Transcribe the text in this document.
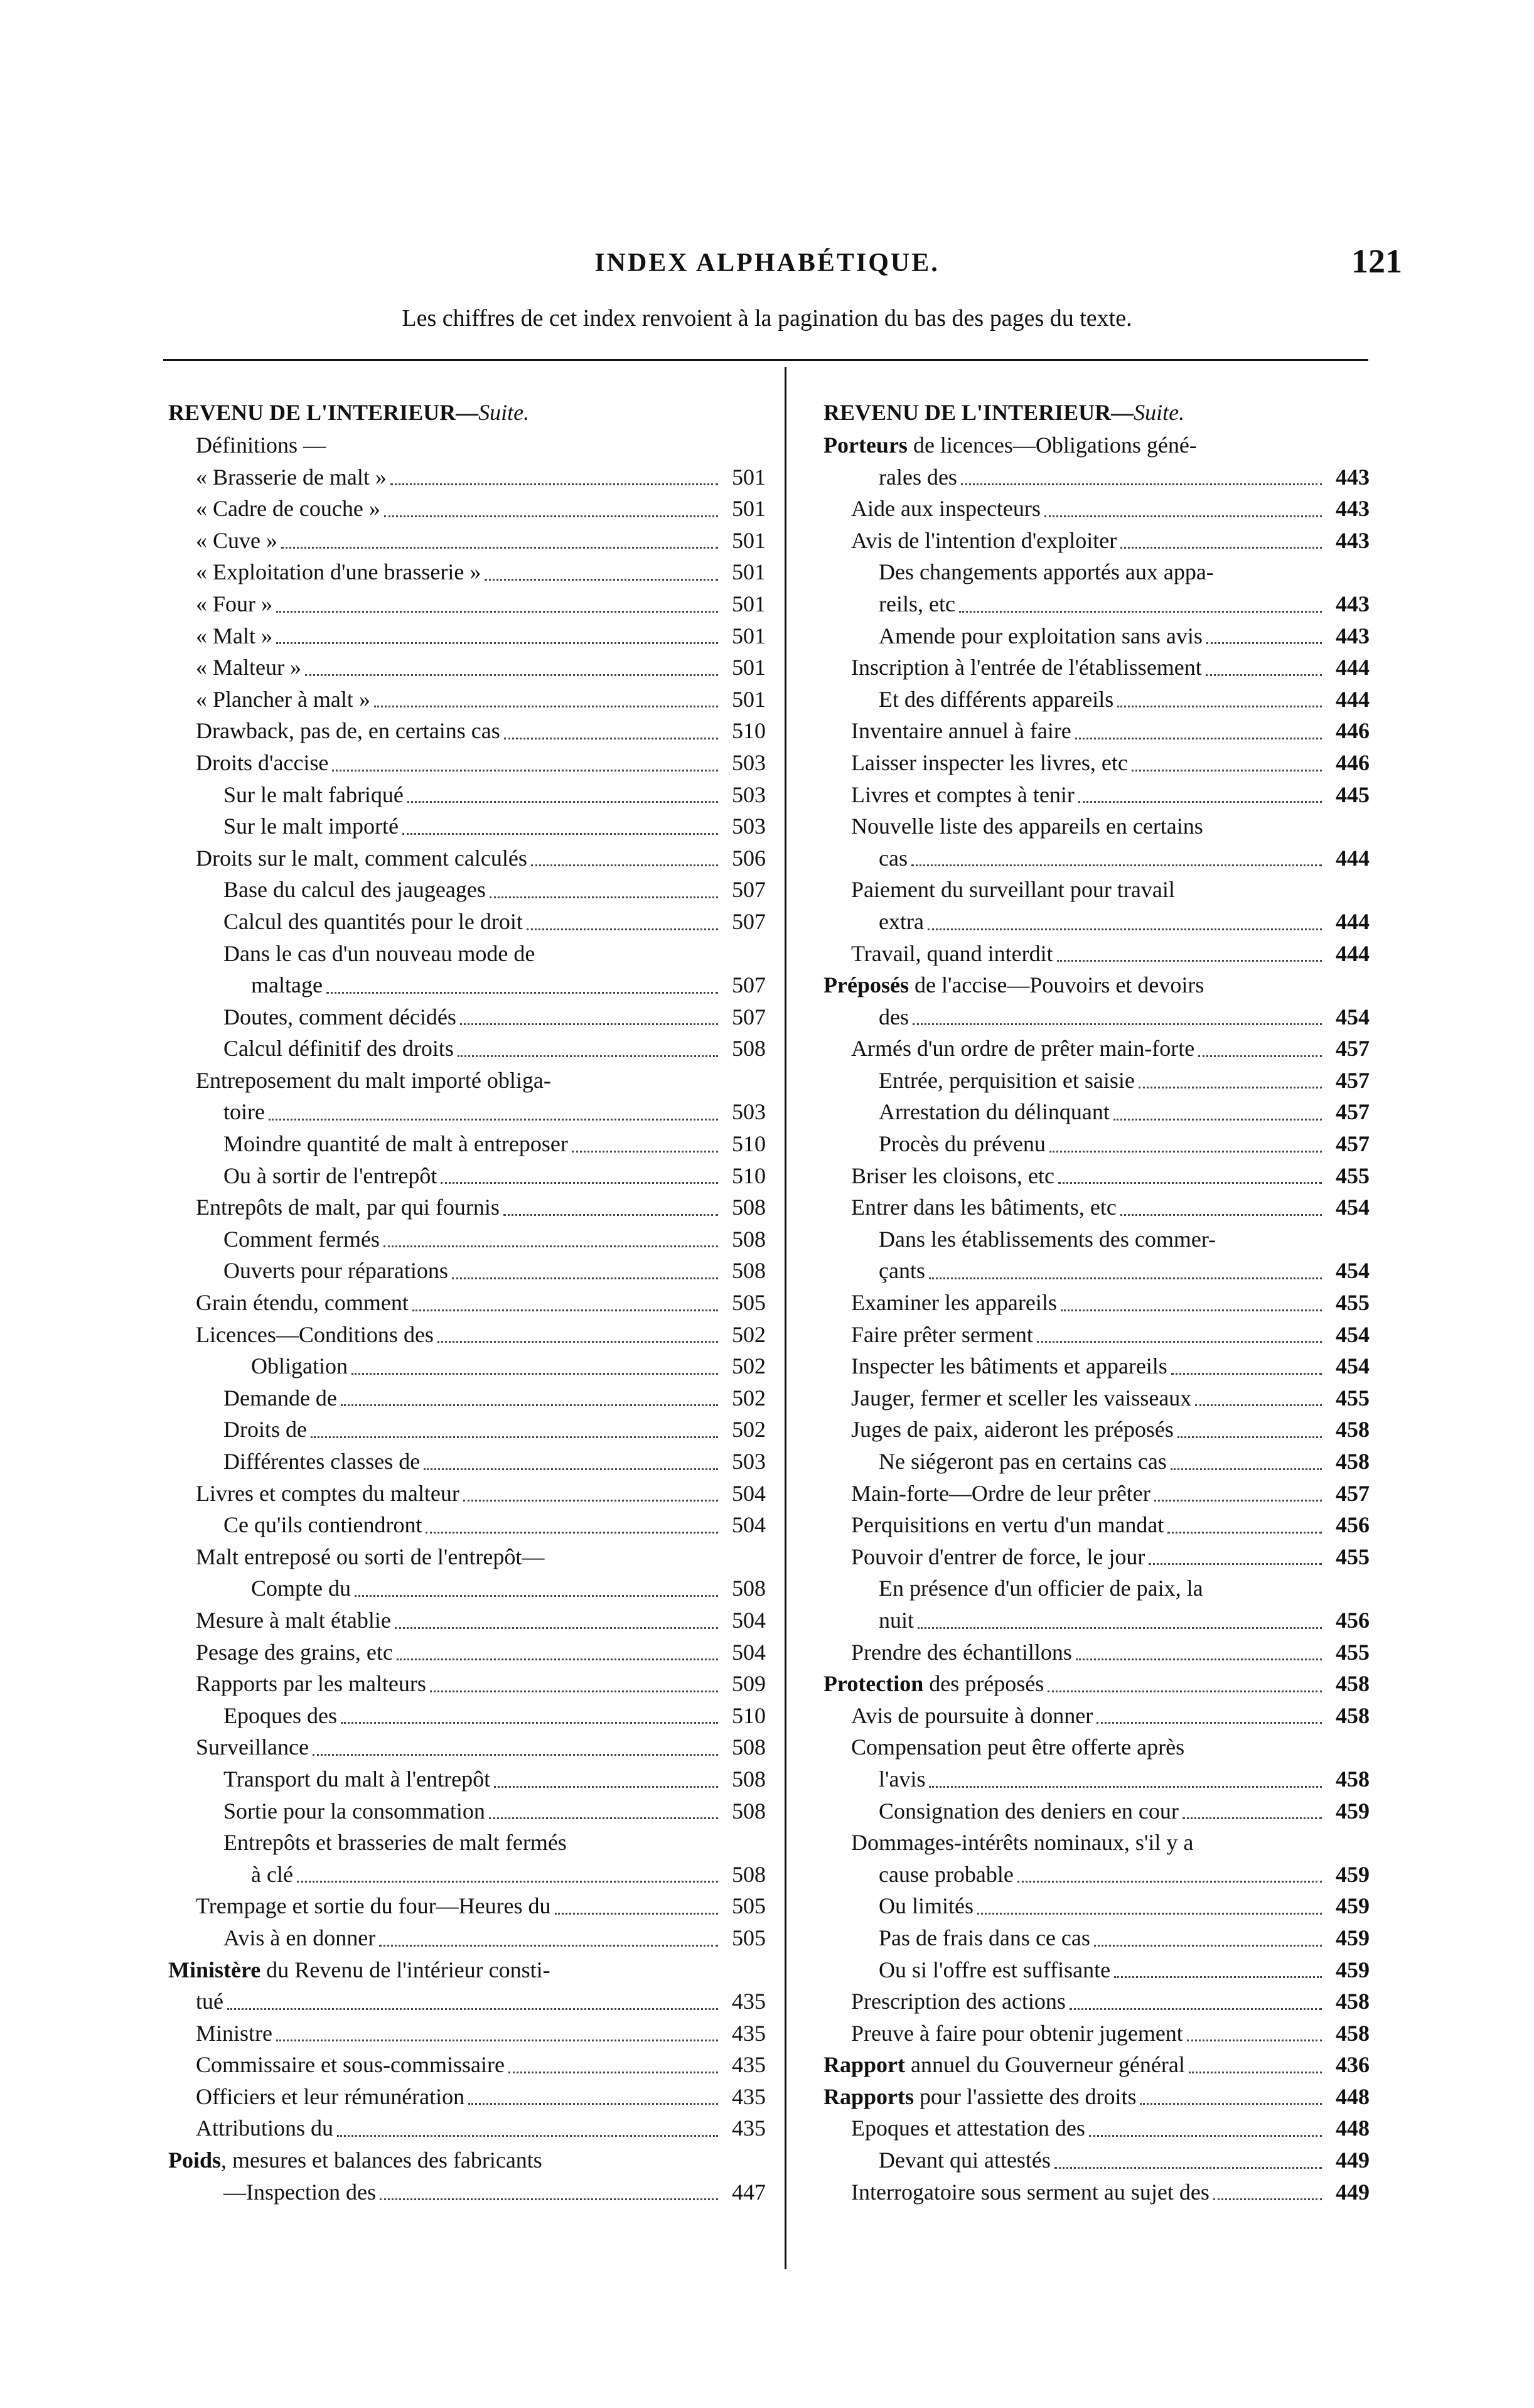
INDEX ALPHABÉTIQUE.	121
Les chiffres de cet index renvoient à la pagination du bas des pages du texte.
REVENU DE L'INTERIEUR—Suite.
Définitions —
« Brasserie de malt »	501
« Cadre de couche »	501
« Cuve »	501
« Exploitation d'une brasserie »	501
« Four »	501
« Malt »	501
« Malteur »	501
« Plancher à malt »	501
Drawback, pas de, en certains cas	510
Droits d'accise	503
Sur le malt fabriqué	503
Sur le malt importé	503
Droits sur le malt, comment calculés	506
Base du calcul des jaugeages	507
Calcul des quantités pour le droit	507
Dans le cas d'un nouveau mode de
maltage	507
Doutes, comment décidés	507
Calcul définitif des droits	508
Entreposement du malt importé obliga-
toire	503
Moindre quantité de malt à entreposer	510
Ou à sortir de l'entrepôt	510
Entrepôts de malt, par qui fournis	508
Comment fermés	508
Ouverts pour réparations	508
Grain étendu, comment	505
Licences—Conditions des	502
Obligation	502
Demande de	502
Droits de	502
Différentes classes de	503
Livres et comptes du malteur	504
Ce qu'ils contiendront	504
Malt entreposé ou sorti de l'entrepôt—
Compte du	508
Mesure à malt établie	504
Pesage des grains, etc	504
Rapports par les malteurs	509
Epoques des	510
Surveillance	508
Transport du malt à l'entrepôt	508
Sortie pour la consommation	508
Entrepôts et brasseries de malt fermés
à clé	508
Trempage et sortie du four—Heures du	505
Avis à en donner	505
Ministère du Revenu de l'intérieur consti-
tué	435
Ministre	435
Commissaire et sous-commissaire	435
Officiers et leur rémunération	435
Attributions du	435
Poids, mesures et balances des fabricants
—Inspection des	447
REVENU DE L'INTERIEUR—Suite.
Porteurs de licences—Obligations géné-
rales des	443
Aide aux inspecteurs	443
Avis de l'intention d'exploiter	443
Des changements apportés aux appa-
reils, etc	443
Amende pour exploitation sans avis	443
Inscription à l'entrée de l'établissement	444
Et des différents appareils	444
Inventaire annuel à faire	446
Laisser inspecter les livres, etc	446
Livres et comptes à tenir	445
Nouvelle liste des appareils en certains
cas	444
Paiement du surveillant pour travail
extra	444
Travail, quand interdit	444
Préposés de l'accise—Pouvoirs et devoirs
des	454
Armés d'un ordre de prêter main-forte	457
Entrée, perquisition et saisie	457
Arrestation du délinquant	457
Procès du prévenu	457
Briser les cloisons, etc	455
Entrer dans les bâtiments, etc	454
Dans les établissements des commer-
çants	454
Examiner les appareils	455
Faire prêter serment	454
Inspecter les bâtiments et appareils	454
Jauger, fermer et sceller les vaisseaux	455
Juges de paix, aideront les préposés	458
Ne siégeront pas en certains cas	458
Main-forte—Ordre de leur prêter	457
Perquisitions en vertu d'un mandat	456
Pouvoir d'entrer de force, le jour	455
En présence d'un officier de paix, la
nuit	456
Prendre des échantillons	455
Protection des préposés	458
Avis de poursuite à donner	458
Compensation peut être offerte après
l'avis	458
Consignation des deniers en cour	459
Dommages-intérêts nominaux, s'il y a
cause probable	459
Ou limités	459
Pas de frais dans ce cas	459
Ou si l'offre est suffisante	459
Prescription des actions	458
Preuve à faire pour obtenir jugement	458
Rapport annuel du Gouverneur général	436
Rapports pour l'assiette des droits	448
Epoques et attestation des	448
Devant qui attestés	449
Interrogatoire sous serment au sujet des	449
